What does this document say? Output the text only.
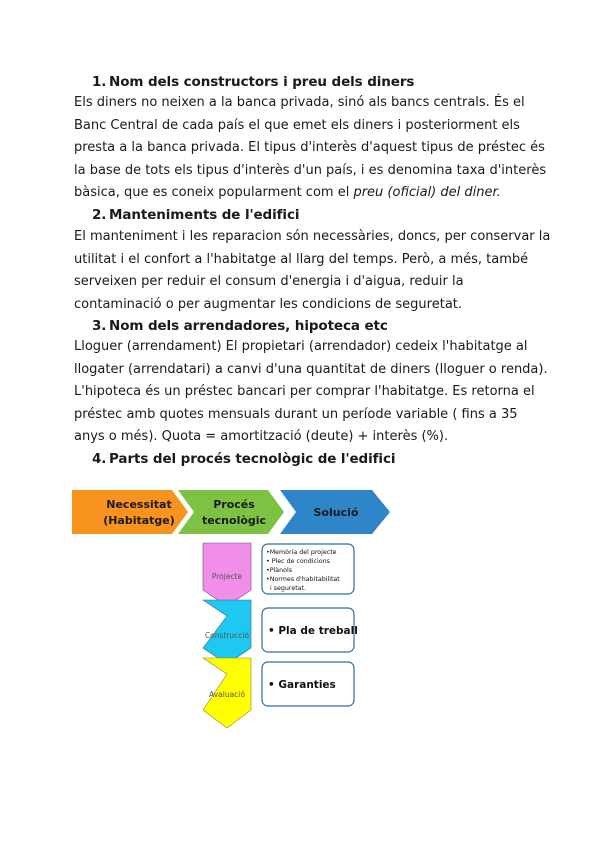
1. Nom dels constructors i preu dels diners
Els diners no neixen a la banca privada, sinó als bancs centrals. És el
Banc Central de cada país el que emet els diners i posteriorment els
presta a la banca privada. El tipus d'interès d'aquest tipus de préstec és
la base de tots els tipus d'interès d'un país, i es denomina taxa d'interès
bàsica, que es coneix popularment com el preu (oficial) del diner.
2. Manteniments de l'edifici
El manteniment i les reparacion són necessàries, doncs, per conservar la
utilitat i el confort a l'habitatge al llarg del temps. Però, a més, també
serveixen per reduir el consum d'energia i d'aigua, reduir la
contaminació o per augmentar les condicions de seguretat.
3. Nom dels arrendadores, hipoteca etc
Lloguer (arrendament) El propietari (arrendador) cedeix l'habitatge al
llogater (arrendatari) a canvi d'una quantitat de diners (lloguer o renda).
L'hipoteca és un préstec bancari per comprar l'habitatge. Es retorna el
préstec amb quotes mensuals durant un període variable ( fins a 35
anys o més). Quota = amortització (deute) + interès (%).
4. Parts del procés tecnològic de l'edifici
Necessitat
(Habitatge)
Procés
tecnològic
Solució
Projecte
Construcció
Avaluació
•Memòria del projecte
• Plec de condicions
•Plànols
•Normes d'habitabilitat
i seguretat.
• Pla de treball
• Garanties
